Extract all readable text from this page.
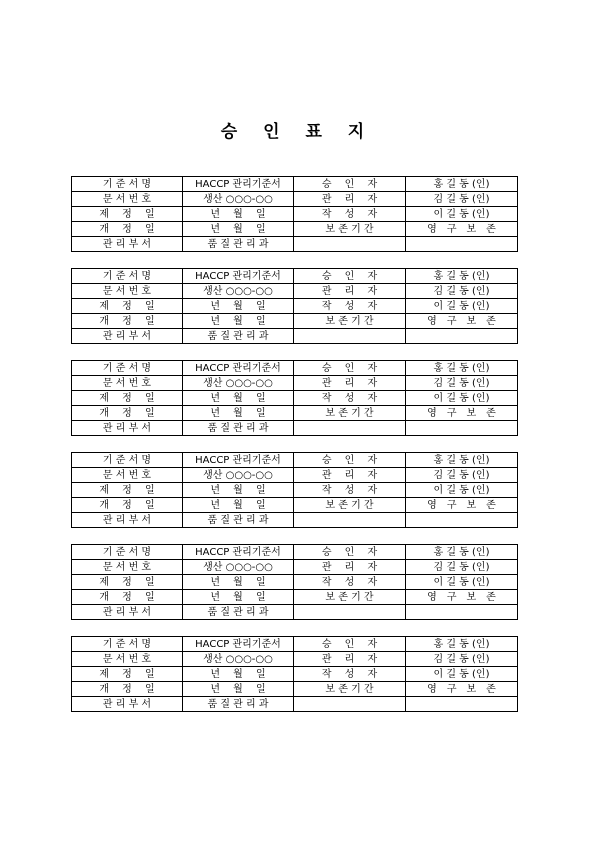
승 인 표 지
기 준 서 명	HACCP 관리기준서	승　 인　 자	홍 길 동 (인)
문 서 번 호	생산 ○○○-○○	관　 리　 자	김 길 동 (인)
제　 정　 일	년　 월　 일	작　 성　 자	이 길 동 (인)
개　 정　 일	년　 월　 일	보 존 기 간	영　구　보　존
관 리 부 서	품 질 관 리 과		
기 준 서 명	HACCP 관리기준서	승　 인　 자	홍 길 동 (인)
문 서 번 호	생산 ○○○-○○	관　 리　 자	김 길 동 (인)
제　 정　 일	년　 월　 일	작　 성　 자	이 길 동 (인)
개　 정　 일	년　 월　 일	보 존 기 간	영　구　보　존
관 리 부 서	품 질 관 리 과		
기 준 서 명	HACCP 관리기준서	승　 인　 자	홍 길 동 (인)
문 서 번 호	생산 ○○○-○○	관　 리　 자	김 길 동 (인)
제　 정　 일	년　 월　 일	작　 성　 자	이 길 동 (인)
개　 정　 일	년　 월　 일	보 존 기 간	영　구　보　존
관 리 부 서	품 질 관 리 과		
기 준 서 명	HACCP 관리기준서	승　 인　 자	홍 길 동 (인)
문 서 번 호	생산 ○○○-○○	관　 리　 자	김 길 동 (인)
제　 정　 일	년　 월　 일	작　 성　 자	이 길 동 (인)
개　 정　 일	년　 월　 일	보 존 기 간	영　구　보　존
관 리 부 서	품 질 관 리 과		
기 준 서 명	HACCP 관리기준서	승　 인　 자	홍 길 동 (인)
문 서 번 호	생산 ○○○-○○	관　 리　 자	김 길 동 (인)
제　 정　 일	년　 월　 일	작　 성　 자	이 길 동 (인)
개　 정　 일	년　 월　 일	보 존 기 간	영　구　보　존
관 리 부 서	품 질 관 리 과		
기 준 서 명	HACCP 관리기준서	승　 인　 자	홍 길 동 (인)
문 서 번 호	생산 ○○○-○○	관　 리　 자	김 길 동 (인)
제　 정　 일	년　 월　 일	작　 성　 자	이 길 동 (인)
개　 정　 일	년　 월　 일	보 존 기 간	영　구　보　존
관 리 부 서	품 질 관 리 과		
